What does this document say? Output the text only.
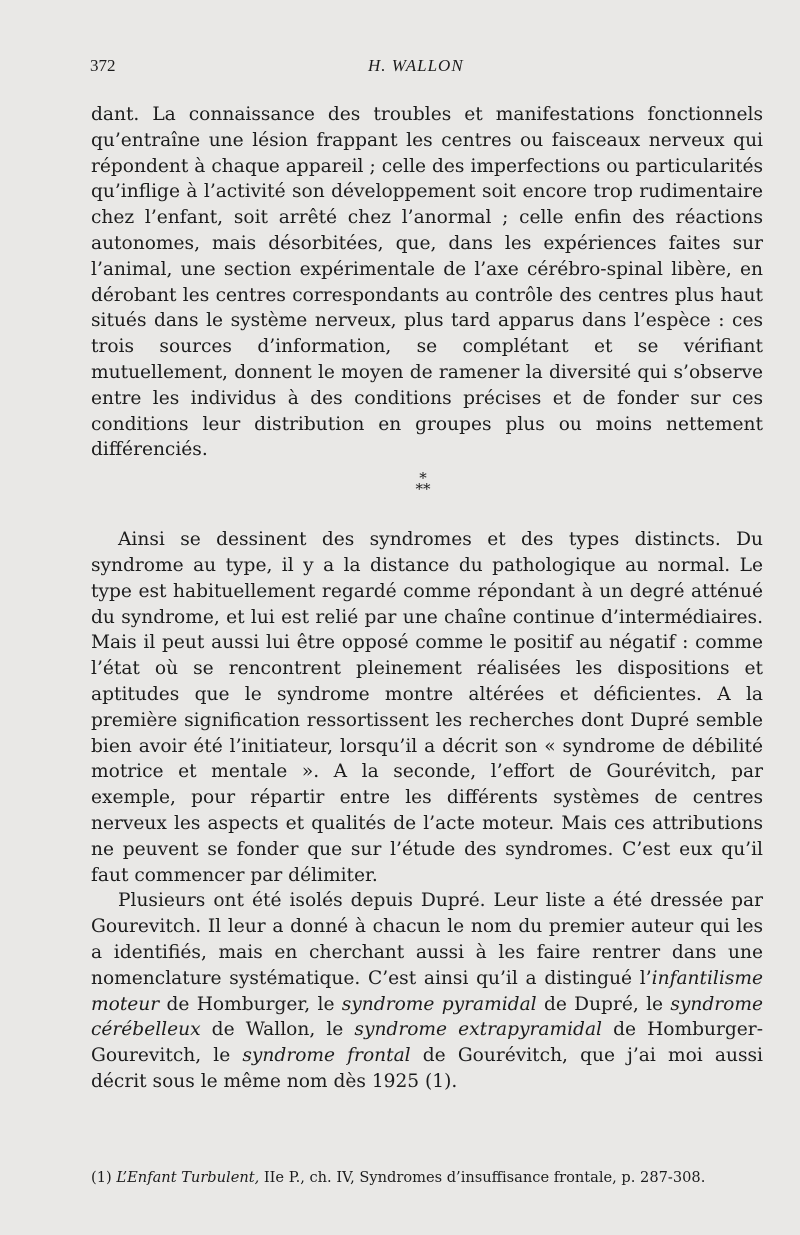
372	H. WALLON

dant. La connaissance des troubles et manifestations fonctionnels qu’entraîne une lésion frappant les centres ou faisceaux nerveux qui répondent à chaque appareil ; celle des imperfections ou particularités qu’inflige à l’activité son développement soit encore trop rudimentaire chez l’enfant, soit arrêté chez l’anormal ; celle enfin des réactions autonomes, mais désorbitées, que, dans les expériences faites sur l’animal, une section expérimentale de l’axe cérébro-spinal libère, en dérobant les centres correspondants au contrôle des centres plus haut situés dans le système nerveux, plus tard apparus dans l’espèce : ces trois sources d’information, se complétant et se vérifiant mutuellement, donnent le moyen de ramener la diversité qui s’observe entre les individus à des conditions précises et de fonder sur ces conditions leur distribution en groupes plus ou moins nettement différenciés.

*
**

Ainsi se dessinent des syndromes et des types distincts. Du syndrome au type, il y a la distance du pathologique au normal. Le type est habituellement regardé comme répondant à un degré atténué du syndrome, et lui est relié par une chaîne continue d’intermédiaires. Mais il peut aussi lui être opposé comme le positif au négatif : comme l’état où se rencontrent pleinement réalisées les dispositions et aptitudes que le syndrome montre altérées et déficientes. A la première signification ressortissent les recherches dont Dupré semble bien avoir été l’initiateur, lorsqu’il a décrit son « syndrome de débilité motrice et mentale ». A la seconde, l’effort de Gourévitch, par exemple, pour répartir entre les différents systèmes de centres nerveux les aspects et qualités de l’acte moteur. Mais ces attributions ne peuvent se fonder que sur l’étude des syndromes. C’est eux qu’il faut commencer par délimiter.

Plusieurs ont été isolés depuis Dupré. Leur liste a été dressée par Gourevitch. Il leur a donné à chacun le nom du premier auteur qui les a identifiés, mais en cherchant aussi à les faire rentrer dans une nomenclature systématique. C’est ainsi qu’il a distingué l’infantilisme moteur de Homburger, le syndrome pyramidal de Dupré, le syndrome cérébelleux de Wallon, le syndrome extrapyramidal de Homburger-Gourevitch, le syndrome frontal de Gourévitch, que j’ai moi aussi décrit sous le même nom dès 1925 (1).

(1) L’Enfant Turbulent, IIe P., ch. IV, Syndromes d’insuffisance frontale, p. 287-308.
